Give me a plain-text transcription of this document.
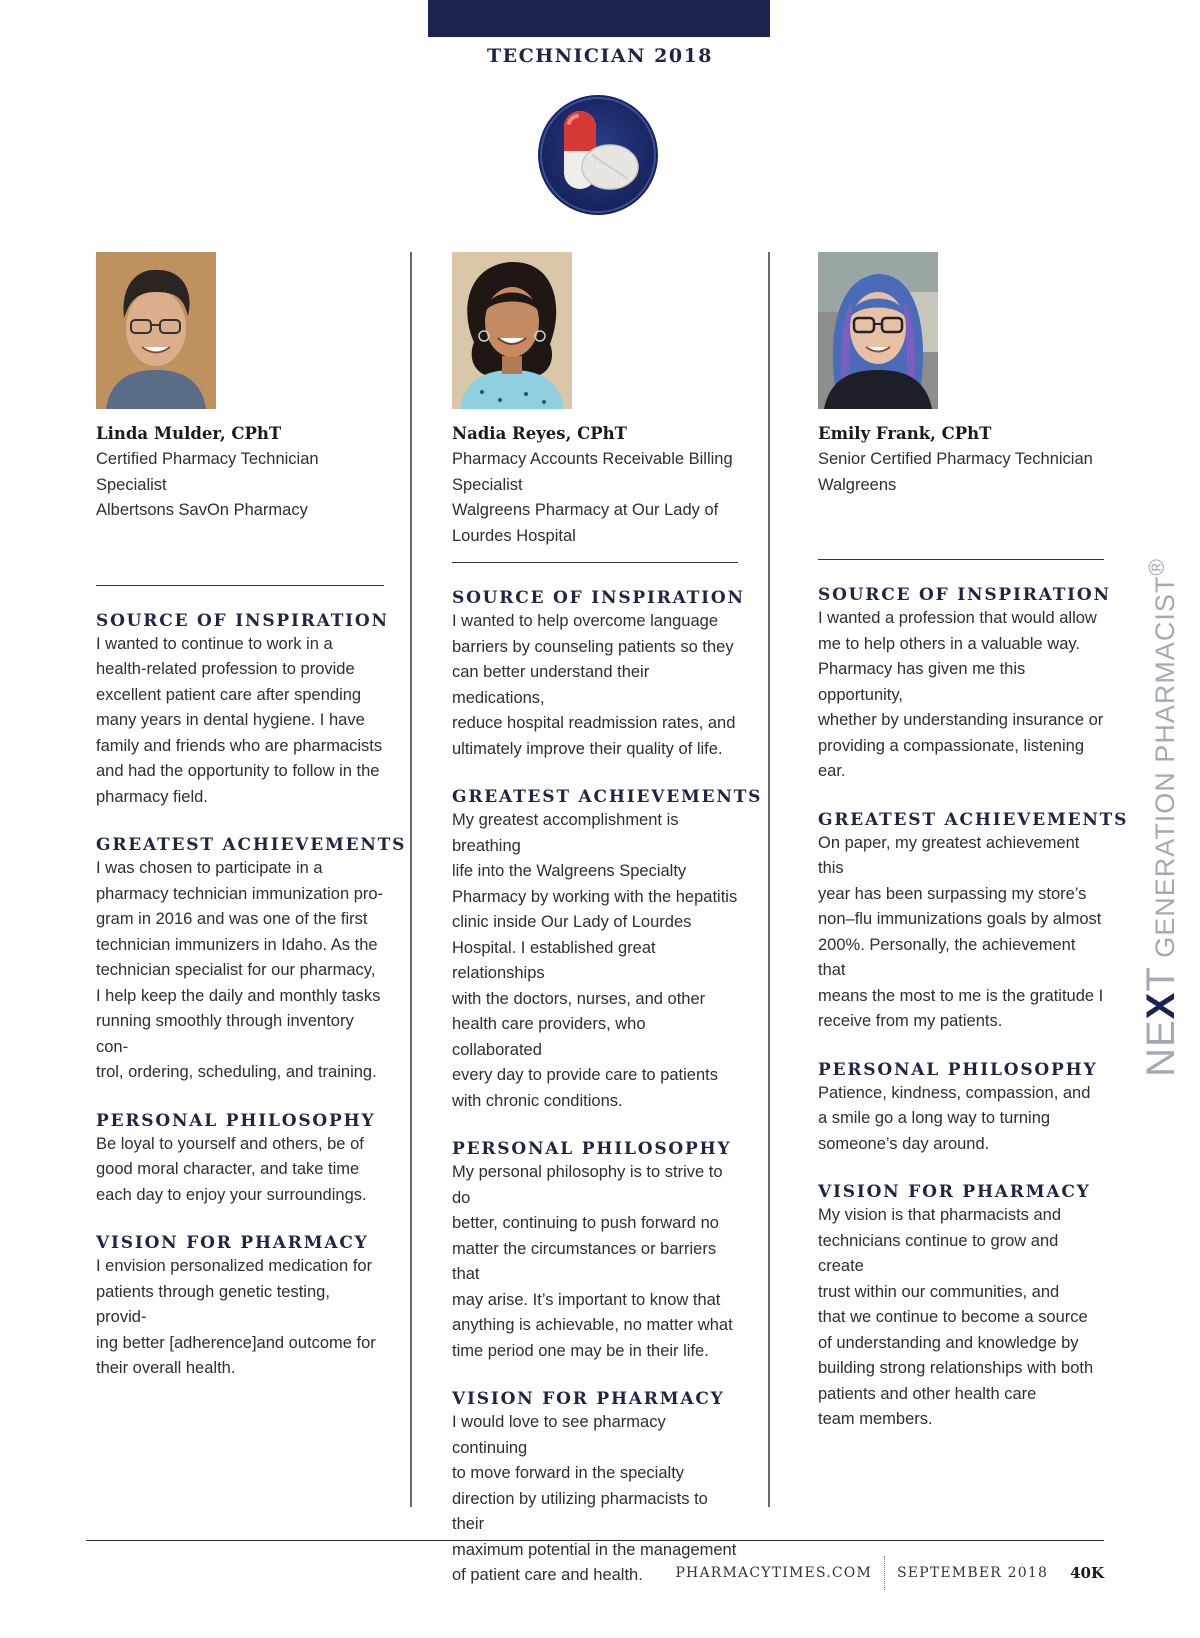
TECHNICIAN 2018
Linda Mulder, CPhT
Certified Pharmacy Technician Specialist
Albertsons SavOn Pharmacy
SOURCE OF INSPIRATION
I wanted to continue to work in a
health-related profession to provide
excellent patient care after spending
many years in dental hygiene. I have
family and friends who are pharmacists
and had the opportunity to follow in the
pharmacy field.
GREATEST ACHIEVEMENTS
I was chosen to participate in a
pharmacy technician immunization pro-
gram in 2016 and was one of the first
technician immunizers in Idaho. As the
technician specialist for our pharmacy,
I help keep the daily and monthly tasks
running smoothly through inventory con-
trol, ordering, scheduling, and training.
PERSONAL PHILOSOPHY
Be loyal to yourself and others, be of
good moral character, and take time
each day to enjoy your surroundings.
VISION FOR PHARMACY
I envision personalized medication for
patients through genetic testing, provid-
ing better [adherence]and outcome for
their overall health.
Nadia Reyes, CPhT
Pharmacy Accounts Receivable Billing
Specialist
Walgreens Pharmacy at Our Lady of
Lourdes Hospital
SOURCE OF INSPIRATION
I wanted to help overcome language
barriers by counseling patients so they
can better understand their medications,
reduce hospital readmission rates, and
ultimately improve their quality of life.
GREATEST ACHIEVEMENTS
My greatest accomplishment is breathing
life into the Walgreens Specialty
Pharmacy by working with the hepatitis
clinic inside Our Lady of Lourdes
Hospital. I established great relationships
with the doctors, nurses, and other
health care providers, who collaborated
every day to provide care to patients
with chronic conditions.
PERSONAL PHILOSOPHY
My personal philosophy is to strive to do
better, continuing to push forward no
matter the circumstances or barriers that
may arise. It’s important to know that
anything is achievable, no matter what
time period one may be in their life.
VISION FOR PHARMACY
I would love to see pharmacy continuing
to move forward in the specialty
direction by utilizing pharmacists to their
maximum potential in the management
of patient care and health.
Emily Frank, CPhT
Senior Certified Pharmacy Technician
Walgreens
SOURCE OF INSPIRATION
I wanted a profession that would allow
me to help others in a valuable way.
Pharmacy has given me this opportunity,
whether by understanding insurance or
providing a compassionate, listening ear.
GREATEST ACHIEVEMENTS
On paper, my greatest achievement this
year has been surpassing my store’s
non–flu immunizations goals by almost
200%. Personally, the achievement that
means the most to me is the gratitude I
receive from my patients.
PERSONAL PHILOSOPHY
Patience, kindness, compassion, and
a smile go a long way to turning
someone’s day around.
VISION FOR PHARMACY
My vision is that pharmacists and
technicians continue to grow and create
trust within our communities, and
that we continue to become a source
of understanding and knowledge by
building strong relationships with both
patients and other health care
team members.
NEXT GENERATION PHARMACIST®
PHARMACYTIMES.COM SEPTEMBER 2018 40K
